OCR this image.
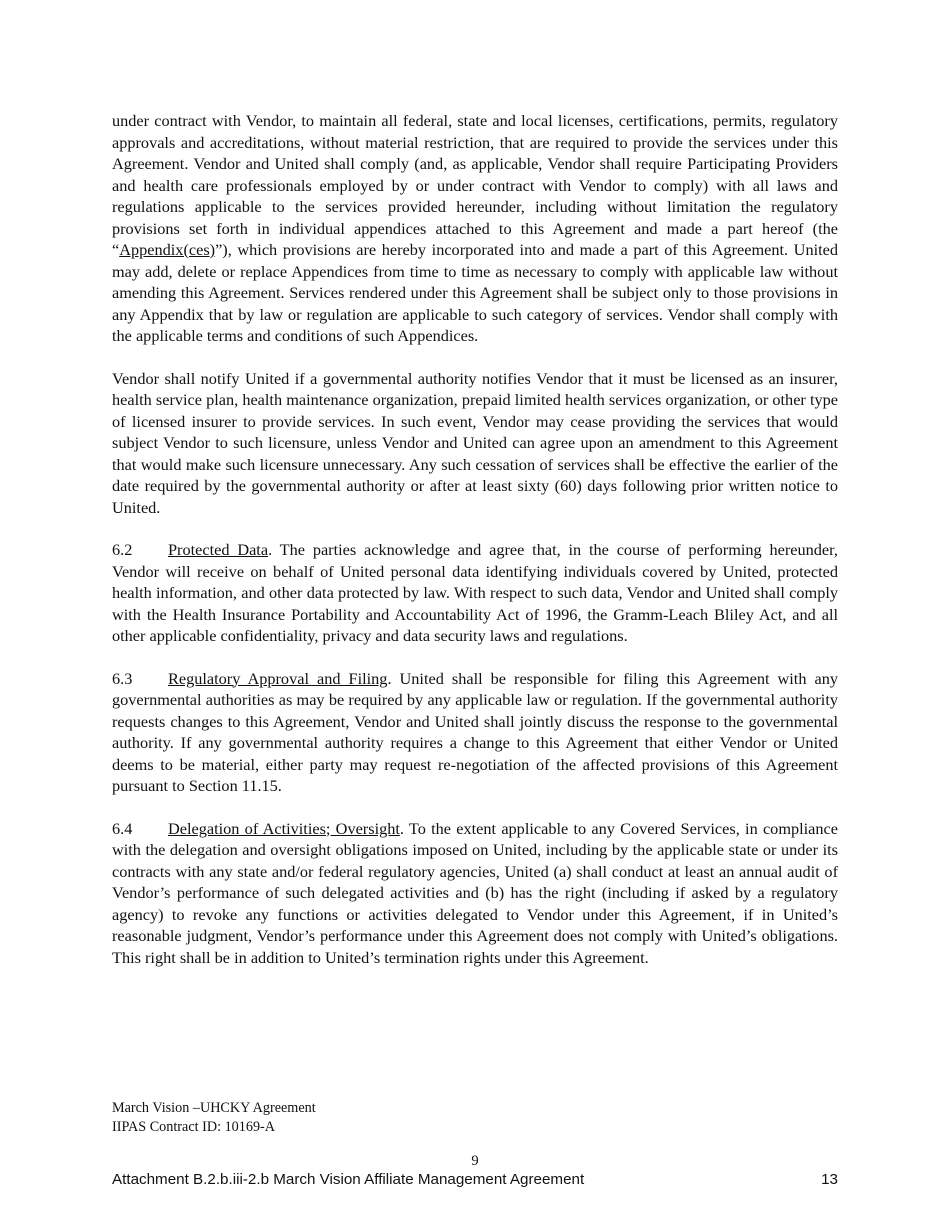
under contract with Vendor, to maintain all federal, state and local licenses, certifications, permits, regulatory approvals and accreditations, without material restriction, that are required to provide the services under this Agreement. Vendor and United shall comply (and, as applicable, Vendor shall require Participating Providers and health care professionals employed by or under contract with Vendor to comply) with all laws and regulations applicable to the services provided hereunder, including without limitation the regulatory provisions set forth in individual appendices attached to this Agreement and made a part hereof (the “Appendix(ces)”), which provisions are hereby incorporated into and made a part of this Agreement. United may add, delete or replace Appendices from time to time as necessary to comply with applicable law without amending this Agreement. Services rendered under this Agreement shall be subject only to those provisions in any Appendix that by law or regulation are applicable to such category of services. Vendor shall comply with the applicable terms and conditions of such Appendices.

Vendor shall notify United if a governmental authority notifies Vendor that it must be licensed as an insurer, health service plan, health maintenance organization, prepaid limited health services organization, or other type of licensed insurer to provide services. In such event, Vendor may cease providing the services that would subject Vendor to such licensure, unless Vendor and United can agree upon an amendment to this Agreement that would make such licensure unnecessary. Any such cessation of services shall be effective the earlier of the date required by the governmental authority or after at least sixty (60) days following prior written notice to United.

6.2 Protected Data. The parties acknowledge and agree that, in the course of performing hereunder, Vendor will receive on behalf of United personal data identifying individuals covered by United, protected health information, and other data protected by law. With respect to such data, Vendor and United shall comply with the Health Insurance Portability and Accountability Act of 1996, the Gramm-Leach Bliley Act, and all other applicable confidentiality, privacy and data security laws and regulations.

6.3 Regulatory Approval and Filing. United shall be responsible for filing this Agreement with any governmental authorities as may be required by any applicable law or regulation. If the governmental authority requests changes to this Agreement, Vendor and United shall jointly discuss the response to the governmental authority. If any governmental authority requires a change to this Agreement that either Vendor or United deems to be material, either party may request re-negotiation of the affected provisions of this Agreement pursuant to Section 11.15.

6.4 Delegation of Activities; Oversight. To the extent applicable to any Covered Services, in compliance with the delegation and oversight obligations imposed on United, including by the applicable state or under its contracts with any state and/or federal regulatory agencies, United (a) shall conduct at least an annual audit of Vendor’s performance of such delegated activities and (b) has the right (including if asked by a regulatory agency) to revoke any functions or activities delegated to Vendor under this Agreement, if in United’s reasonable judgment, Vendor’s performance under this Agreement does not comply with United’s obligations. This right shall be in addition to United’s termination rights under this Agreement.

March Vision –UHCKY Agreement
IIPAS Contract ID: 10169-A
9
Attachment B.2.b.iii-2.b March Vision Affiliate Management Agreement	13
